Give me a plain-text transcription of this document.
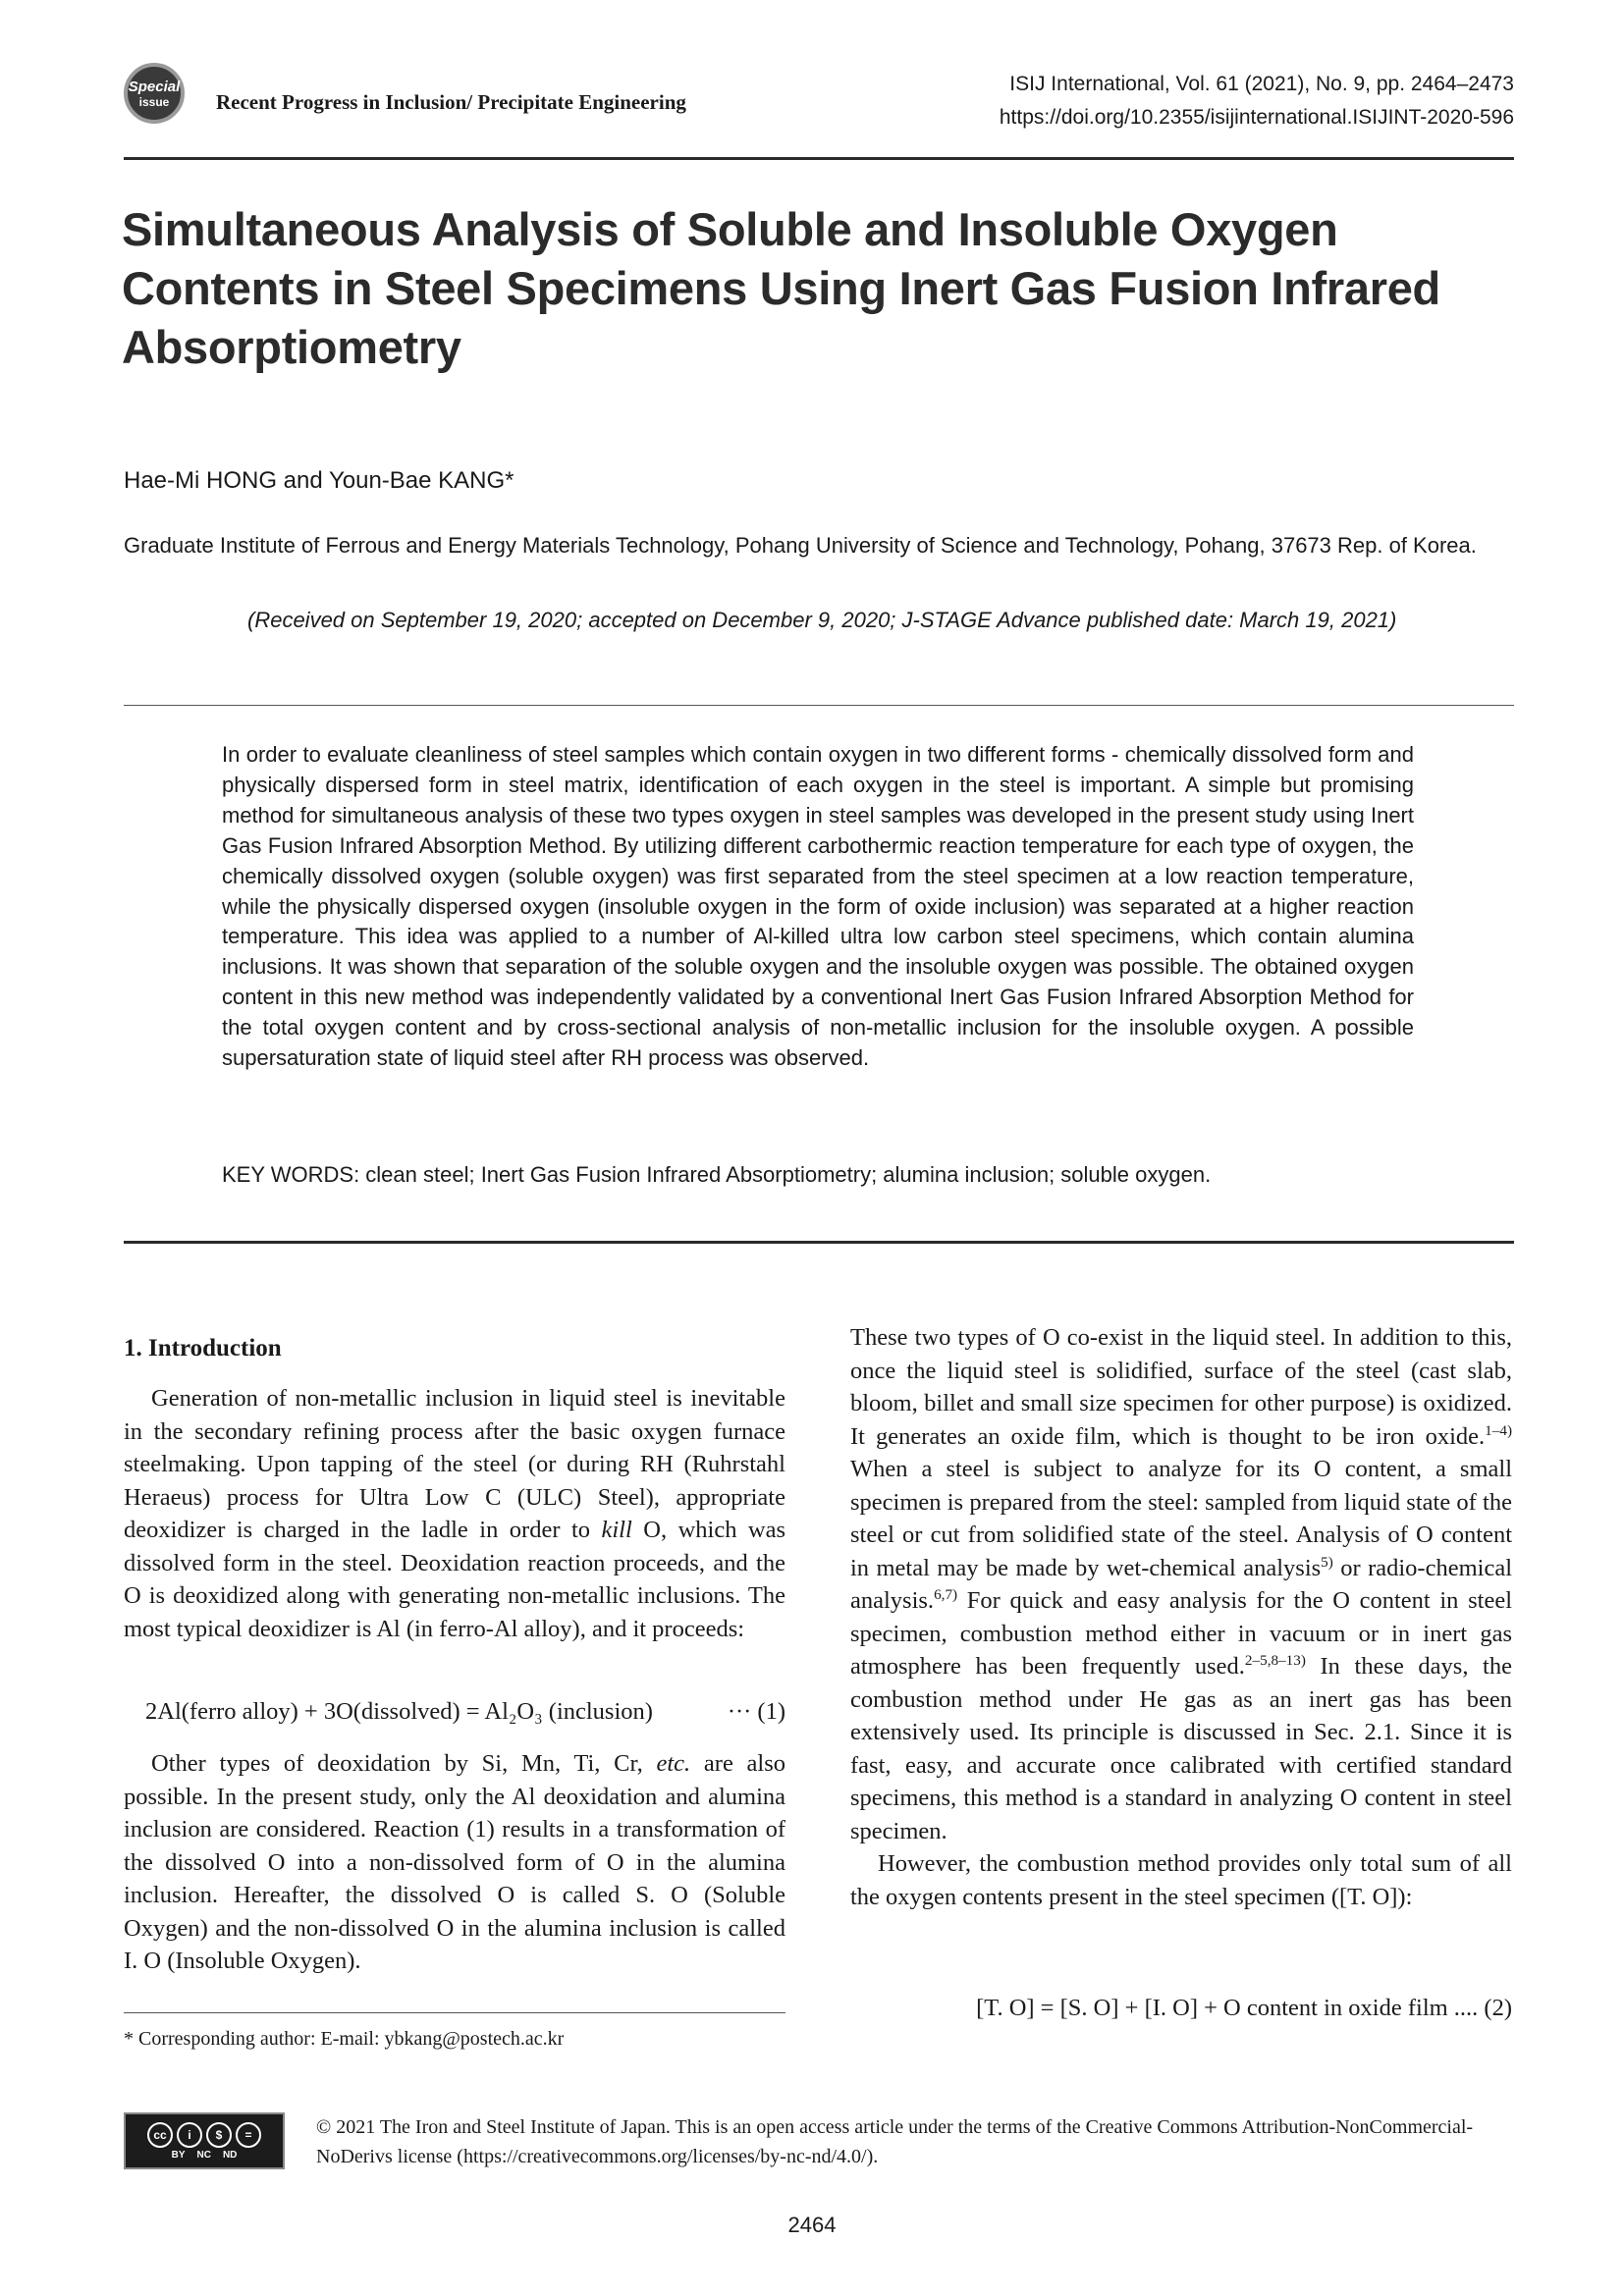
Special
issue Recent Progress in Inclusion/ Precipitate Engineering
ISIJ International, Vol. 61 (2021), No. 9, pp. 2464–2473
https://doi.org/10.2355/isijinternational.ISIJINT-2020-596
Simultaneous Analysis of Soluble and Insoluble Oxygen Contents in Steel Specimens Using Inert Gas Fusion Infrared Absorptiometry
Hae-Mi HONG and Youn-Bae KANG*
Graduate Institute of Ferrous and Energy Materials Technology, Pohang University of Science and Technology, Pohang, 37673 Rep. of Korea.
(Received on September 19, 2020; accepted on December 9, 2020; J-STAGE Advance published date: March 19, 2021)
In order to evaluate cleanliness of steel samples which contain oxygen in two different forms - chemically dissolved form and physically dispersed form in steel matrix, identification of each oxygen in the steel is important. A simple but promising method for simultaneous analysis of these two types oxygen in steel samples was developed in the present study using Inert Gas Fusion Infrared Absorption Method. By utilizing different carbothermic reaction temperature for each type of oxygen, the chemically dissolved oxygen (soluble oxygen) was first separated from the steel specimen at a low reaction temperature, while the physically dispersed oxygen (insoluble oxygen in the form of oxide inclusion) was separated at a higher reaction temperature. This idea was applied to a number of Al-killed ultra low carbon steel specimens, which contain alumina inclusions. It was shown that separation of the soluble oxygen and the insoluble oxygen was possible. The obtained oxygen content in this new method was independently validated by a conventional Inert Gas Fusion Infrared Absorption Method for the total oxygen content and by cross-sectional analysis of non-metallic inclusion for the insoluble oxygen. A possible supersaturation state of liquid steel after RH process was observed.
KEY WORDS: clean steel; Inert Gas Fusion Infrared Absorptiometry; alumina inclusion; soluble oxygen.
1. Introduction

Generation of non-metallic inclusion in liquid steel is inevitable in the secondary refining process after the basic oxygen furnace steelmaking. Upon tapping of the steel (or during RH (Ruhrstahl Heraeus) process for Ultra Low C (ULC) Steel), appropriate deoxidizer is charged in the ladle in order to kill O, which was dissolved form in the steel. Deoxidation reaction proceeds, and the O is deoxidized along with generating non-metallic inclusions. The most typical deoxidizer is Al (in ferro-Al alloy), and it proceeds:

2Al(ferro alloy) + 3O(dissolved) = Al₂O₃ (inclusion)	··· (1)

Other types of deoxidation by Si, Mn, Ti, Cr, etc. are also possible. In the present study, only the Al deoxidation and alumina inclusion are considered. Reaction (1) results in a transformation of the dissolved O into a non-dissolved form of O in the alumina inclusion. Hereafter, the dissolved O is called S. O (Soluble Oxygen) and the non-dissolved O in the alumina inclusion is called I. O (Insoluble Oxygen).

These two types of O co-exist in the liquid steel. In addition to this, once the liquid steel is solidified, surface of the steel (cast slab, bloom, billet and small size specimen for other purpose) is oxidized. It generates an oxide film, which is thought to be iron oxide.$^{1-4)}$ When a steel is subject to analyze for its O content, a small specimen is prepared from the steel: sampled from liquid state of the steel or cut from solidified state of the steel. Analysis of O content in metal may be made by wet-chemical analysis$^{5)}$ or radio-chemical analysis.$^{6,7)}$ For quick and easy analysis for the O content in steel specimen, combustion method either in vacuum or in inert gas atmosphere has been frequently used.$^{2-5,8-13)}$ In these days, the combustion method under He gas as an inert gas has been extensively used. Its principle is discussed in Sec. 2.1. Since it is fast, easy, and accurate once calibrated with certified standard specimens, this method is a standard in analyzing O content in steel specimen.

However, the combustion method provides only total sum of all the oxygen contents present in the steel specimen ([T. O]):

[T. O] = [S. O] + [I. O] + O content in oxide film .... (2)
* Corresponding author: E-mail: ybkang@postech.ac.kr
cc	i	$	=
BY NC ND
© 2021 The Iron and Steel Institute of Japan. This is an open access article under the terms of the Creative Commons Attribution-NonCommercial-NoDerivs license (https://creativecommons.org/licenses/by-nc-nd/4.0/).
2464
